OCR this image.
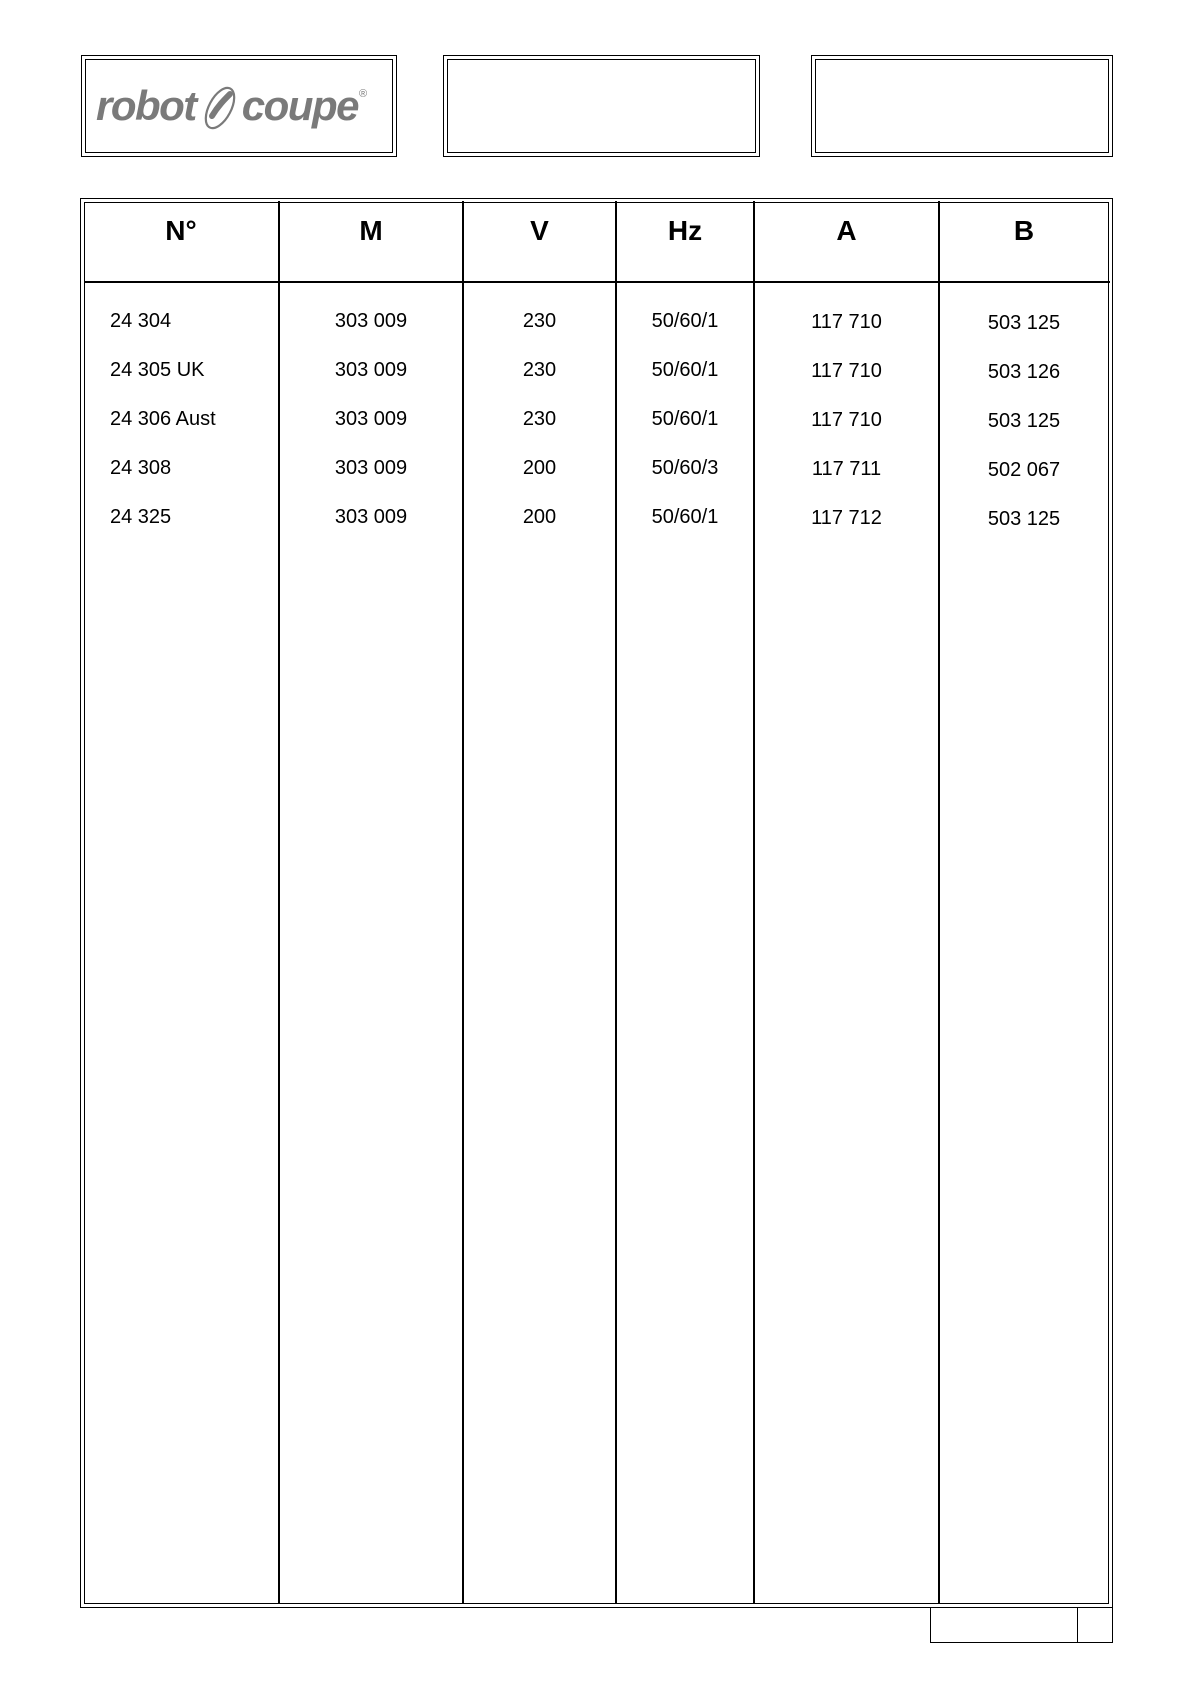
robot coupe ®
N°	M	V	Hz	A	B
24 304	303 009	230	50/60/1	117 710	503 125
24 305 UK	303 009	230	50/60/1	117 710	503 126
24 306 Aust	303 009	230	50/60/1	117 710	503 125
24 308	303 009	200	50/60/3	117 711	502 067
24 325	303 009	200	50/60/1	117 712	503 125
